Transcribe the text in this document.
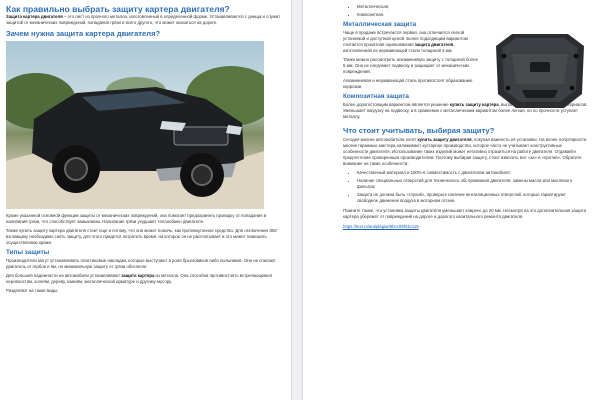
Как правильно выбрать защиту картера двигателя?

Защита картера двигателя – это лист из прочного металла, изготовленный в определенной форме. Устанавливается с днища и служит защитой от механических повреждений, попадания грязи и всего другого, что может оказаться на дороге.

Зачем нужна защита картера двигателя?

Кроме указанной основной функции защиты от механических повреждений, она помогает предохранить проводку от попадания и налипания грязи, что способствует замыканию. Налипание грязи ухудшает теплообмен двигателя.

Также купить защиту картера двигателя стоит еще и потому, что она может помочь, как противоугонное средство. Для отключения ЭБУ взломщику необходимо снять защиту, для этого придется потратить время, на которое он не рассчитывает и это может помешать осуществлению кражи.

Типы защиты

Производители могут устанавливать пластиковые накладки, которые выступают в роли брызговиков либо пыльников. Они не спасают двигатель от гербов и ям, но минимальную защиту от грязи обеспечат.

Для большей надежности на автомобили устанавливают защита картера из металла. Она способна противостоять встречающимся неровностям, колеям, дереву, камням, металлической арматуре и другому мусору.

Разделяют на такие виды:

• Металлическая,
• Композитная.
Металлическая защита

Чаще в продаже встречается первая, она отличается легкой установкой и доступной ценой. Более подходящим вариантом считается прокатная оцинкованная защита двигателя, изготовленная из нержавеющей стали толщиной 3 мм.

Также можно рассмотреть алюминиевую защиту с толщиной более 5 мм. Она не нагружает подвеску и защищает от механических повреждений.

Алюминиевая и нержавеющая сталь противостоят образованию коррозии.

Композитная защита

Более дорогостоящим вариантом является решение купить защиту картера, выполненную из композитных материалов. Уменьшает нагрузку на подвеску, а в сравнении с металлическим вариантом более легкая, но по прочности уступает металлу.

Что стоит учитывать, выбирая защиту?

Сегодня многие автолюбители хотят купить защиту двигателя, покупая важность её установки. На волне популярности многие гаражные мастера налаживают кустарное производство, которое часто не учитывает конструктивные особенности двигателя. Использование таких изделий может негативно отразиться на работе двигателя. Отдавайте предпочтение проверенным производителям. Поэтому выбирая защиту, стоит взвесить все «за» и «против». Обратите внимание на такие особенности:

• Качественный материал и 100%-я совместимость с двигателем автомобиля;
• Наличие специальных отверстий для технического обслуживания двигателя: замены масла или масляного фильтра;
• Защита не должна быть «глухой», проверьте наличие вентиляционных отверстий, которые гарантируют свободное движение воздуха в моторном отсеке.

Помните также, что установка защиты двигателя уменьшает клиренс до 20 мм. Несмотря на это дополнительная защита картера убережет от повреждений на дороге и дорогого капитального ремонта двигателя.

https://text.ru/antiplagiat/5bcc09f34c119
